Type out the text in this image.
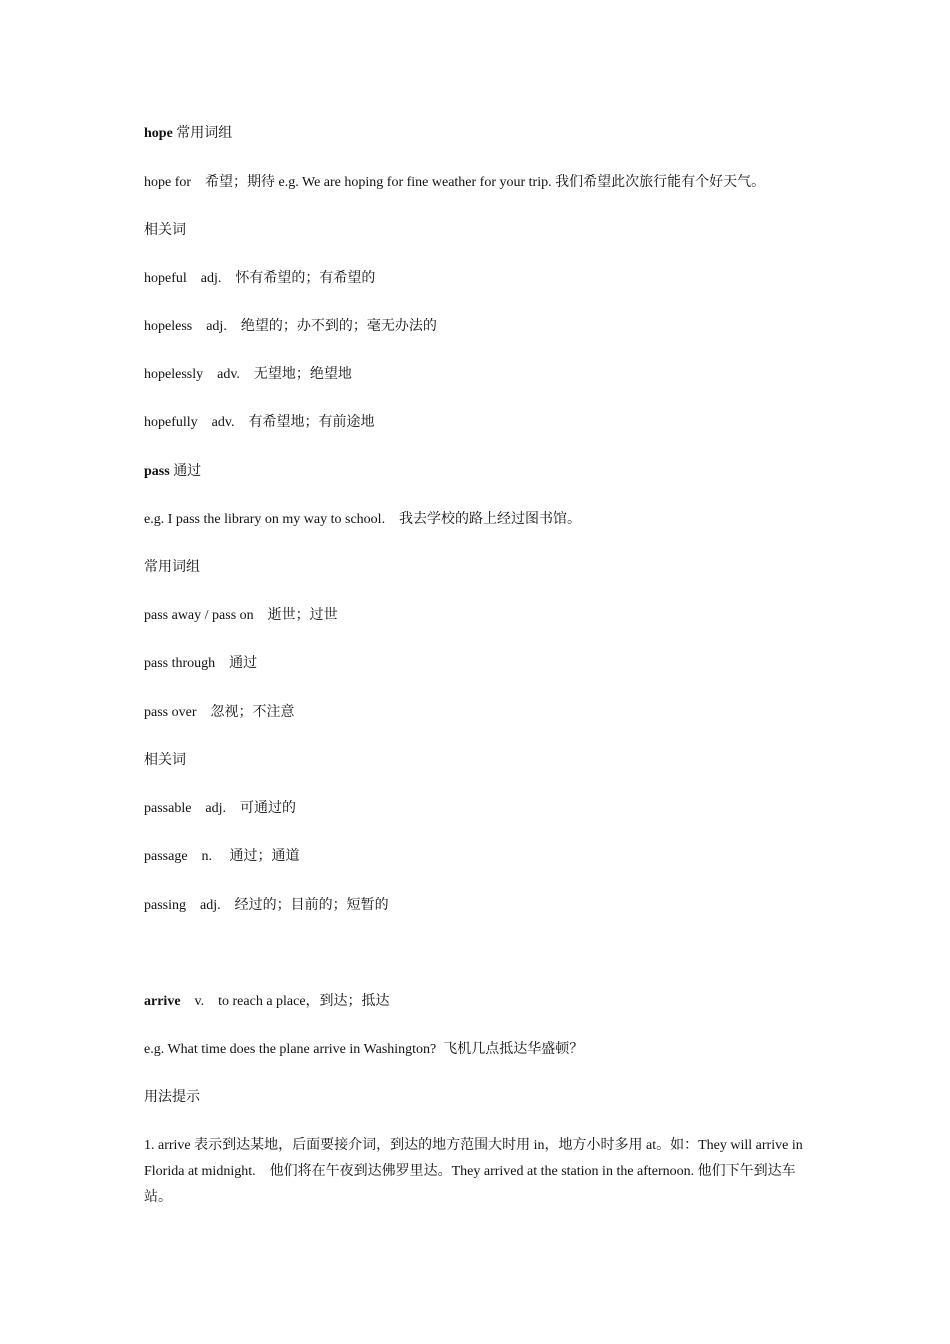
hope 常用词组
hope for　希望；期待 e.g. We are hoping for fine weather for your trip. 我们希望此次旅行能有个好天气。
相关词
hopeful　adj.　怀有希望的；有希望的
hopeless　adj.　绝望的；办不到的；毫无办法的
hopelessly　adv.　无望地；绝望地
hopefully　adv.　有希望地；有前途地
pass 通过
e.g. I pass the library on my way to school.　我去学校的路上经过图书馆。
常用词组
pass away / pass on　逝世；过世
pass through　通过
pass over　忽视；不注意
相关词
passable　adj.　可通过的
passage　n.　 通过；通道
passing　adj.　经过的；目前的；短暂的
arrive　v.　to reach a place，到达；抵达
e.g. What time does the plane arrive in Washington?  飞机几点抵达华盛顿？
用法提示
1. arrive 表示到达某地，后面要接介词，到达的地方范围大时用 in，地方小时多用 at。如：They will arrive in Florida at midnight.　他们将在午夜到达佛罗里达。They arrived at the station in the afternoon. 他们下午到达车站。
